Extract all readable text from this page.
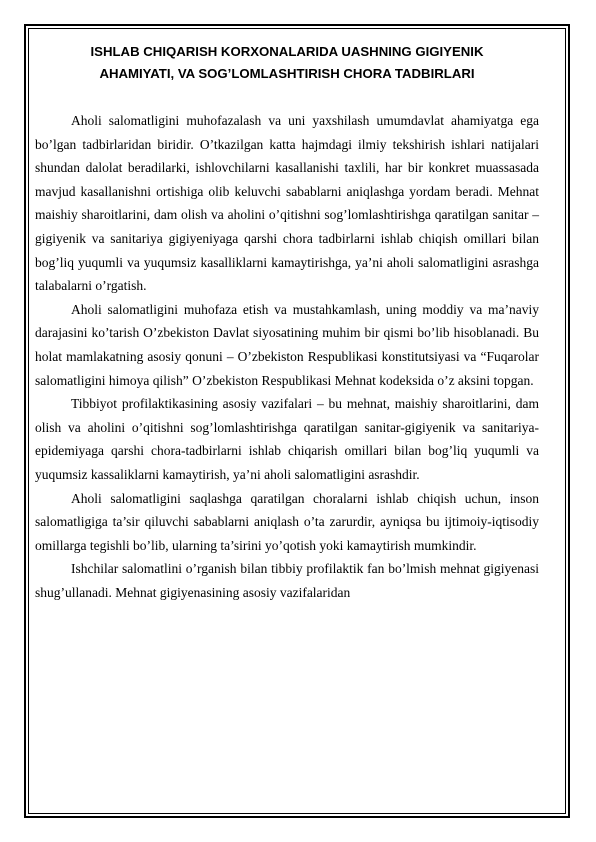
ISHLAB CHIQARISH KORXONALARIDA UASHNING GIGIYENIK
AHAMIYATI, VA SOG’LOMLASHTIRISH CHORA TADBIRLARI

Aholi salomatligini muhofazalash va uni yaxshilash umumdavlat ahamiyatga ega bo’lgan tadbirlaridan biridir. O’tkazilgan katta hajmdagi ilmiy tekshirish ishlari natijalari shundan dalolat beradilarki, ishlovchilarni kasallanishi taxlili, har bir konkret muassasada mavjud kasallanishni ortishiga olib keluvchi sabablarni aniqlashga yordam beradi. Mehnat maishiy sharoitlarini, dam olish va aholini o’qitishni sog’lomlashtirishga qaratilgan sanitar – gigiyenik va sanitariya gigiyeniyaga qarshi chora tadbirlarni ishlab chiqish omillari bilan bog’liq yuqumli va yuqumsiz kasalliklarni kamaytirishga, ya’ni aholi salomatligini asrashga talabalarni o’rgatish.

Aholi salomatligini muhofaza etish va mustahkamlash, uning moddiy va ma’naviy darajasini ko’tarish O’zbekiston Davlat siyosatining muhim bir qismi bo’lib hisoblanadi. Bu holat mamlakatning asosiy qonuni – O’zbekiston Respublikasi konstitutsiyasi va “Fuqarolar salomatligini himoya qilish” O’zbekiston Respublikasi Mehnat kodeksida o’z aksini topgan.

Tibbiyot profilaktikasining asosiy vazifalari – bu mehnat, maishiy sharoitlarini, dam olish va aholini o’qitishni sog’lomlashtirishga qaratilgan sanitar-gigiyenik va sanitariya-epidemiyaga qarshi chora-tadbirlarni ishlab chiqarish omillari bilan bog’liq yuqumli va yuqumsiz kassaliklarni kamaytirish, ya’ni aholi salomatligini asrashdir.

Aholi salomatligini saqlashga qaratilgan choralarni ishlab chiqish uchun, inson salomatligiga ta’sir qiluvchi sabablarni aniqlash o’ta zarurdir, ayniqsa bu ijtimoiy-iqtisodiy omillarga tegishli bo’lib, ularning ta’sirini yo’qotish yoki kamaytirish mumkindir.

Ishchilar salomatlini o’rganish bilan tibbiy profilaktik fan bo’lmish mehnat gigiyenasi shug’ullanadi. Mehnat gigiyenasining asosiy vazifalaridan
